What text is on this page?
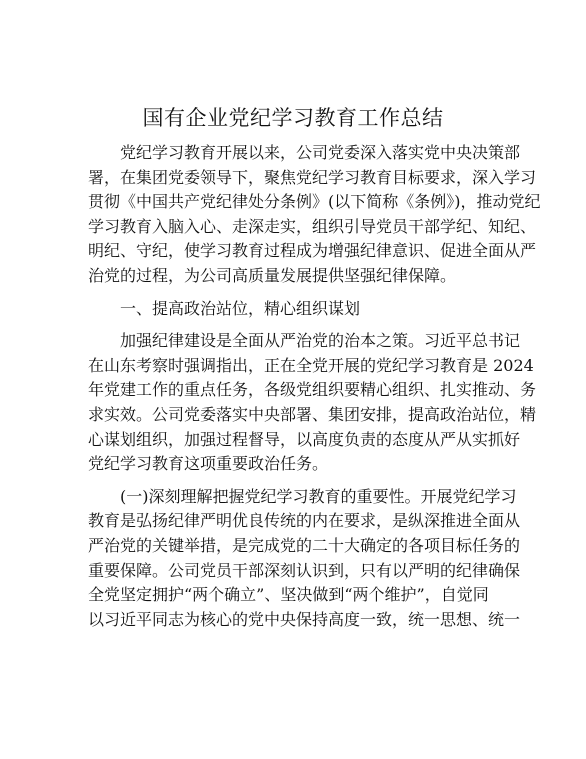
国有企业党纪学习教育工作总结
党纪学习教育开展以来，公司党委深入落实党中央决策部
署，在集团党委领导下，聚焦党纪学习教育目标要求，深入学习
贯彻《中国共产党纪律处分条例》(以下简称《条例》)，推动党纪
学习教育入脑入心、走深走实，组织引导党员干部学纪、知纪、
明纪、守纪，使学习教育过程成为增强纪律意识、促进全面从严
治党的过程，为公司高质量发展提供坚强纪律保障。
一、提高政治站位，精心组织谋划
加强纪律建设是全面从严治党的治本之策。习近平总书记
在山东考察时强调指出，正在全党开展的党纪学习教育是 2024
年党建工作的重点任务，各级党组织要精心组织、扎实推动、务
求实效。公司党委落实中央部署、集团安排，提高政治站位，精
心谋划组织，加强过程督导，以高度负责的态度从严从实抓好
党纪学习教育这项重要政治任务。
(一)深刻理解把握党纪学习教育的重要性。开展党纪学习
教育是弘扬纪律严明优良传统的内在要求，是纵深推进全面从
严治党的关键举措，是完成党的二十大确定的各项目标任务的
重要保障。公司党员干部深刻认识到，只有以严明的纪律确保
全党坚定拥护“两个确立”、坚决做到“两个维护”，自觉同
以习近平同志为核心的党中央保持高度一致，统一思想、统一
